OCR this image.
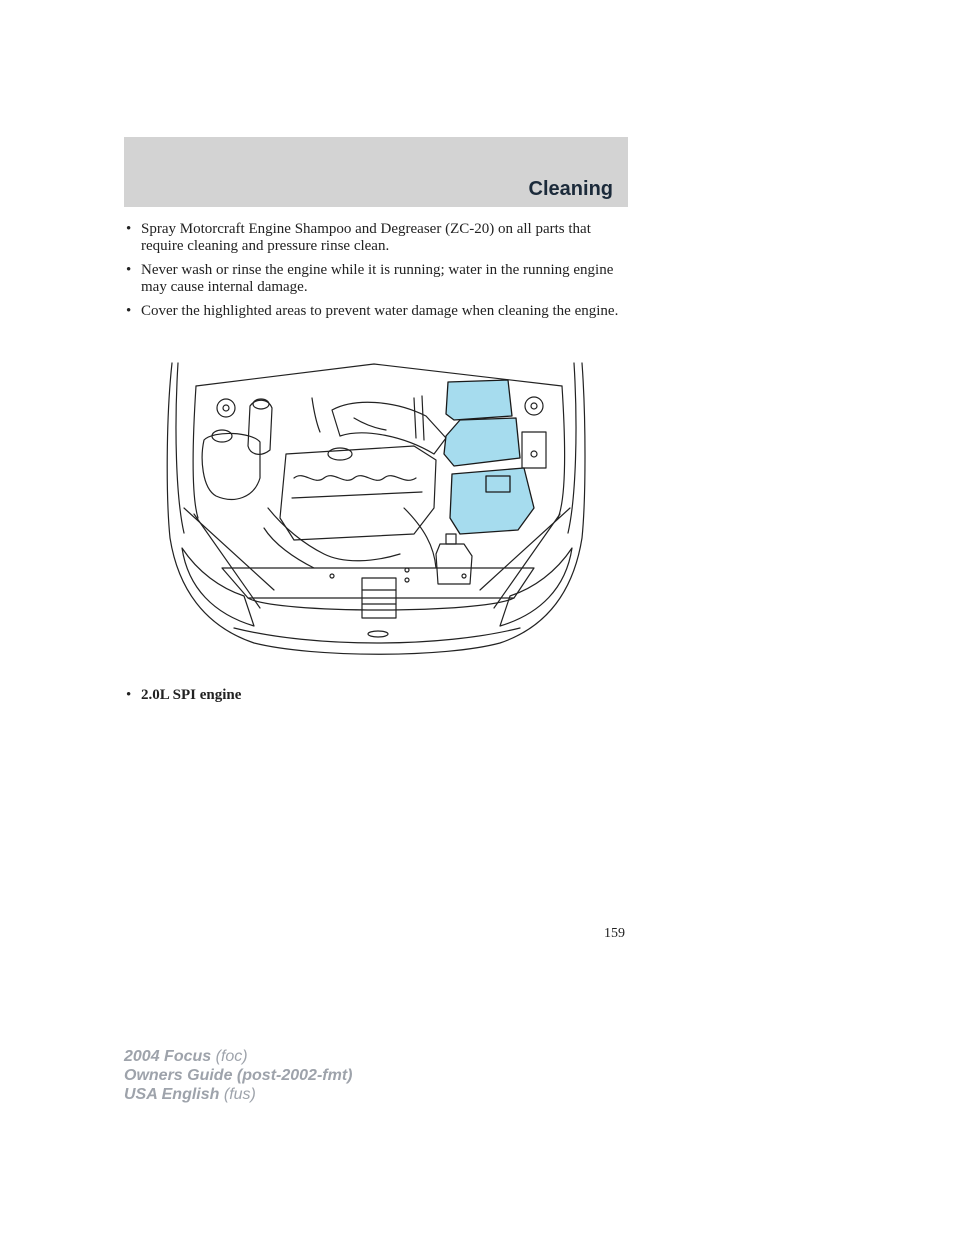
Cleaning
• Spray Motorcraft Engine Shampoo and Degreaser (ZC-20) on all parts that require cleaning and pressure rinse clean.
• Never wash or rinse the engine while it is running; water in the running engine may cause internal damage.
• Cover the highlighted areas to prevent water damage when cleaning the engine.
• 2.0L SPI engine
159
2004 Focus (foc)
Owners Guide (post-2002-fmt)
USA English (fus)
